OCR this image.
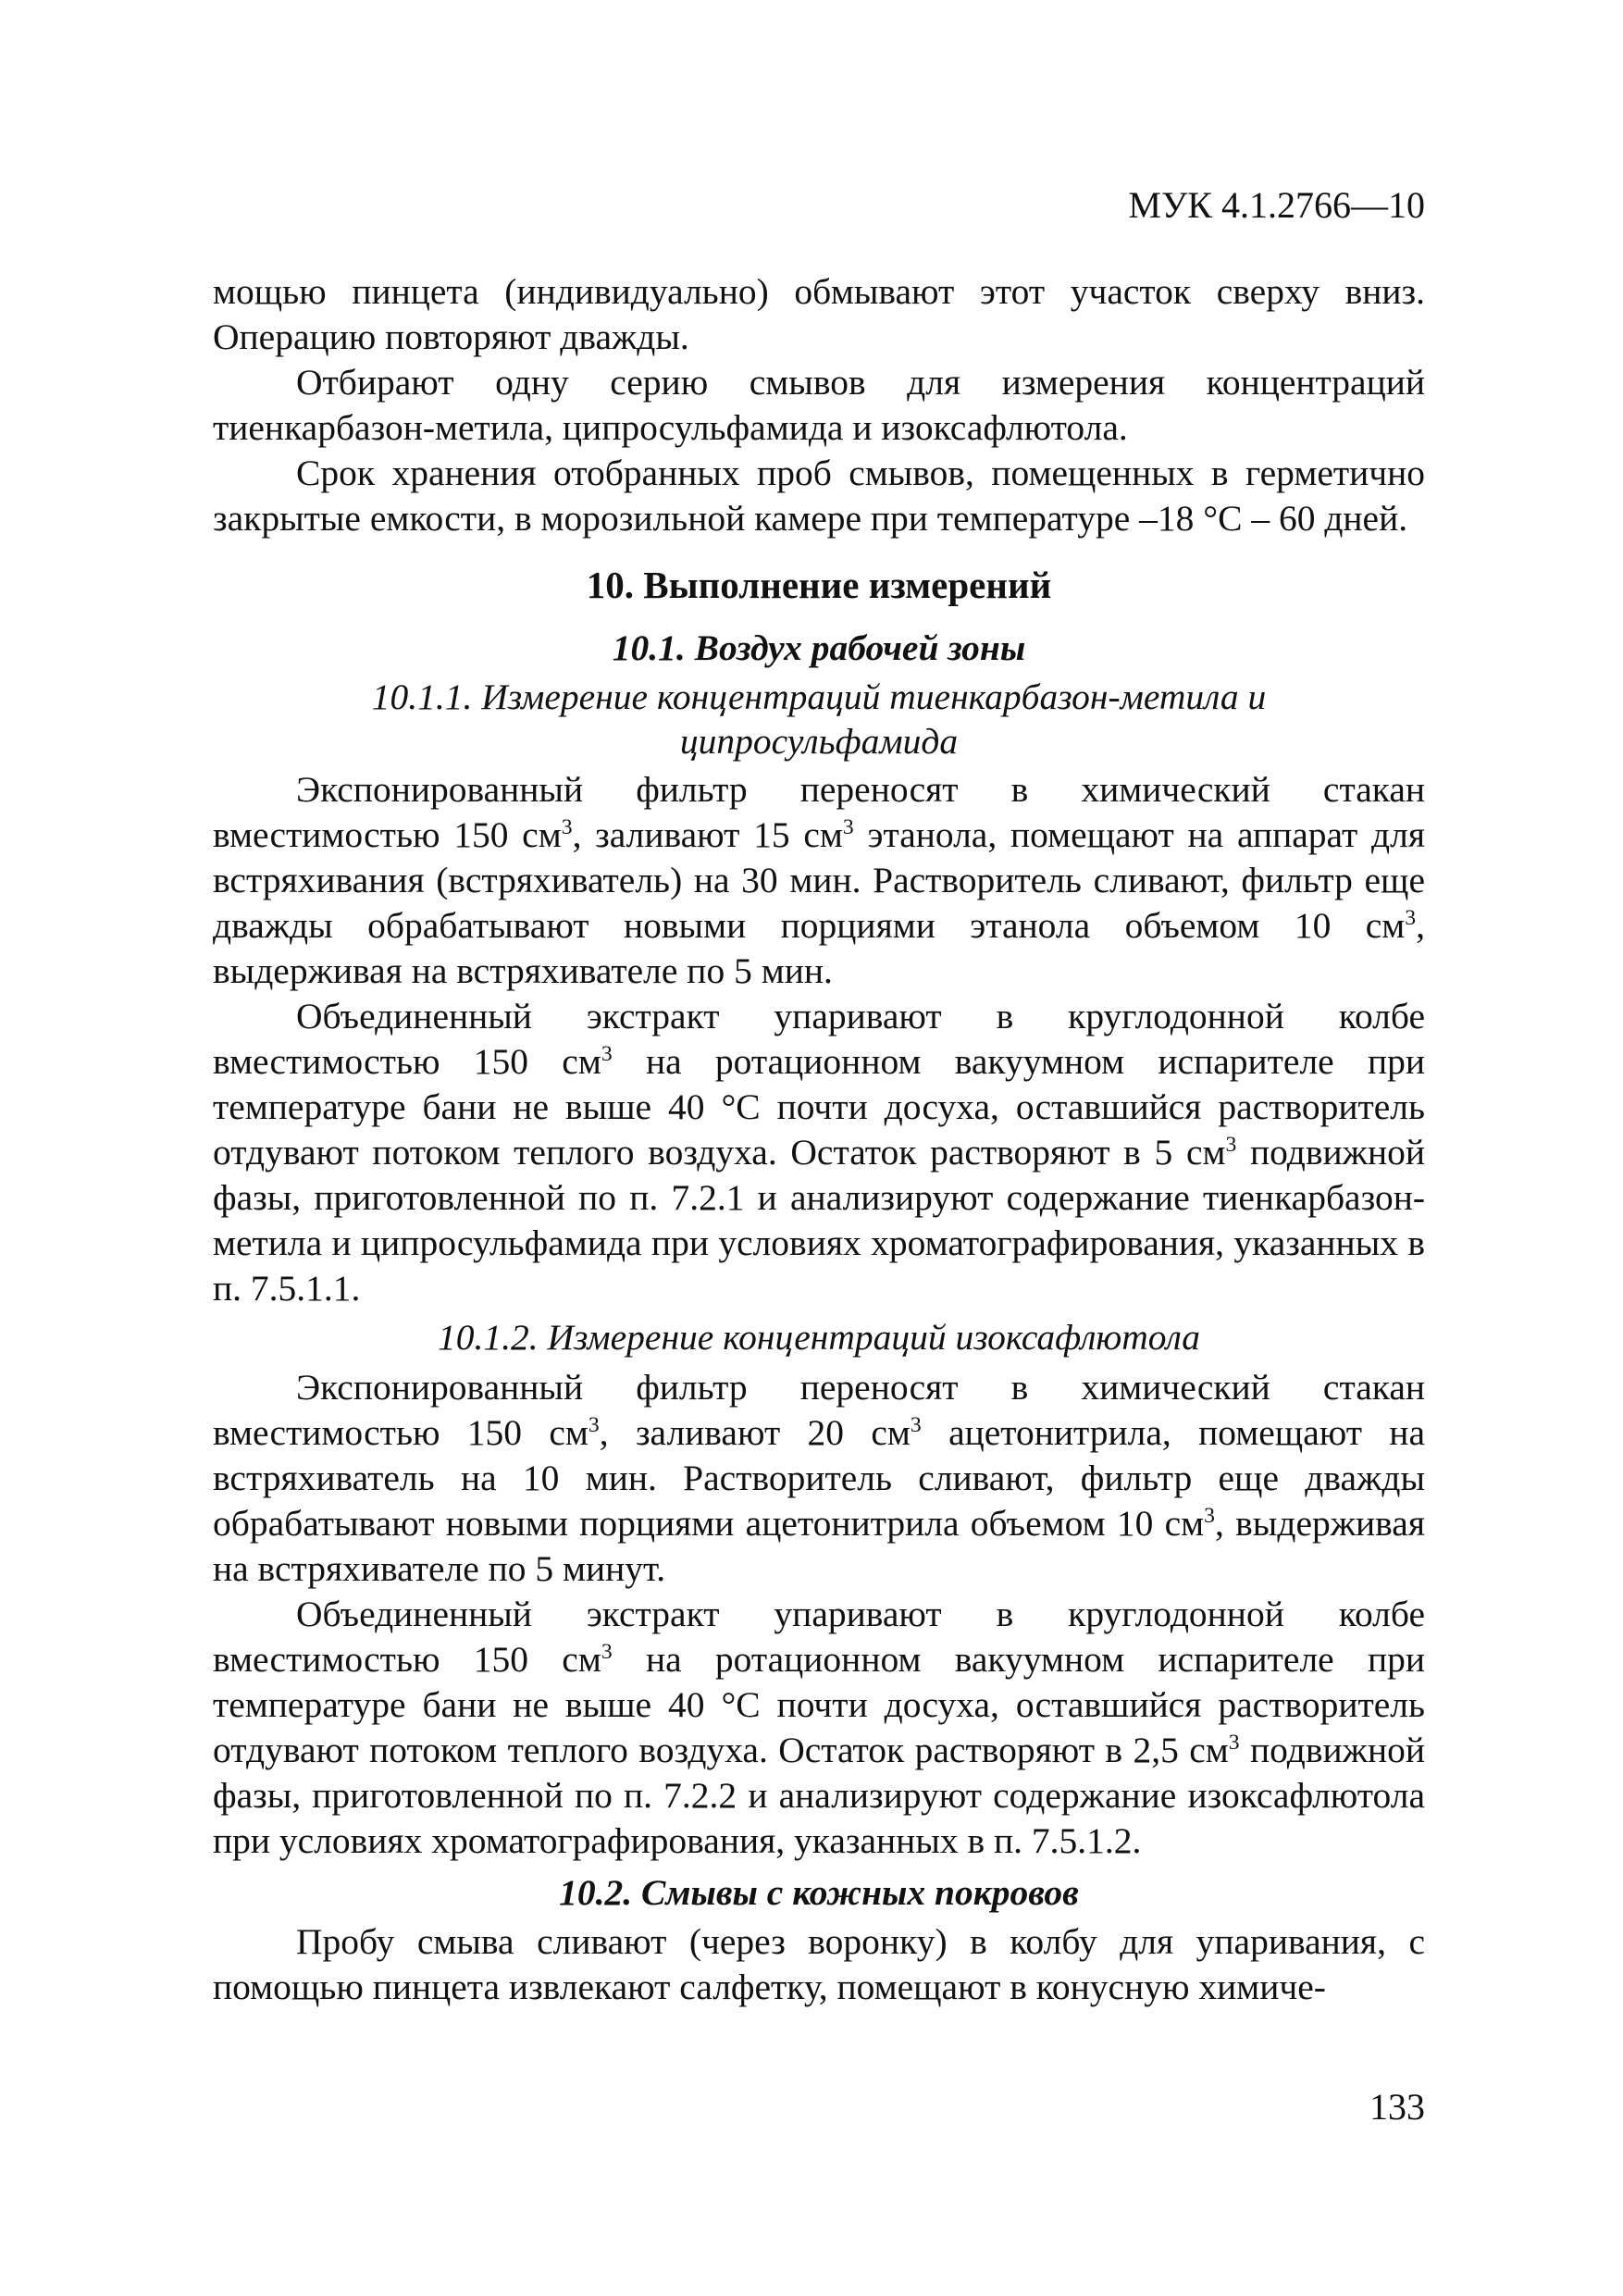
МУК 4.1.2766—10

мощью пинцета (индивидуально) обмывают этот участок сверху вниз. Операцию повторяют дважды.

Отбирают одну серию смывов для измерения концентраций тиенкарбазон-метила, ципросульфамида и изоксафлютола.

Срок хранения отобранных проб смывов, помещенных в герметично закрытые емкости, в морозильной камере при температуре –18 °С – 60 дней.

10. Выполнение измерений
10.1. Воздух рабочей зоны
10.1.1. Измерение концентраций тиенкарбазон-метила и ципросульфамида

Экспонированный фильтр переносят в химический стакан вместимостью 150 $см^3$, заливают 15 $см^3$ этанола, помещают на аппарат для встряхивания (встряхиватель) на 30 мин. Растворитель сливают, фильтр еще дважды обрабатывают новыми порциями этанола объемом 10 $см^3$, выдерживая на встряхивателе по 5 мин.

Объединенный экстракт упаривают в круглодонной колбе вместимостью 150 $см^3$ на ротационном вакуумном испарителе при температуре бани не выше 40 °С почти досуха, оставшийся растворитель отдувают потоком теплого воздуха. Остаток растворяют в 5 $см^3$ подвижной фазы, приготовленной по п. 7.2.1 и анализируют содержание тиенкарбазон-метила и ципросульфамида при условиях хроматографирования, указанных в п. 7.5.1.1.

10.1.2. Измерение концентраций изоксафлютола

Экспонированный фильтр переносят в химический стакан вместимостью 150 $см^3$, заливают 20 $см^3$ ацетонитрила, помещают на встряхиватель на 10 мин. Растворитель сливают, фильтр еще дважды обрабатывают новыми порциями ацетонитрила объемом 10 $см^3$, выдерживая на встряхивателе по 5 минут.

Объединенный экстракт упаривают в круглодонной колбе вместимостью 150 $см^3$ на ротационном вакуумном испарителе при температуре бани не выше 40 °С почти досуха, оставшийся растворитель отдувают потоком теплого воздуха. Остаток растворяют в 2,5 $см^3$ подвижной фазы, приготовленной по п. 7.2.2 и анализируют содержание изоксафлютола при условиях хроматографирования, указанных в п. 7.5.1.2.

10.2. Смывы с кожных покровов

Пробу смыва сливают (через воронку) в колбу для упаривания, с помощью пинцета извлекают салфетку, помещают в конусную химиче-

133
